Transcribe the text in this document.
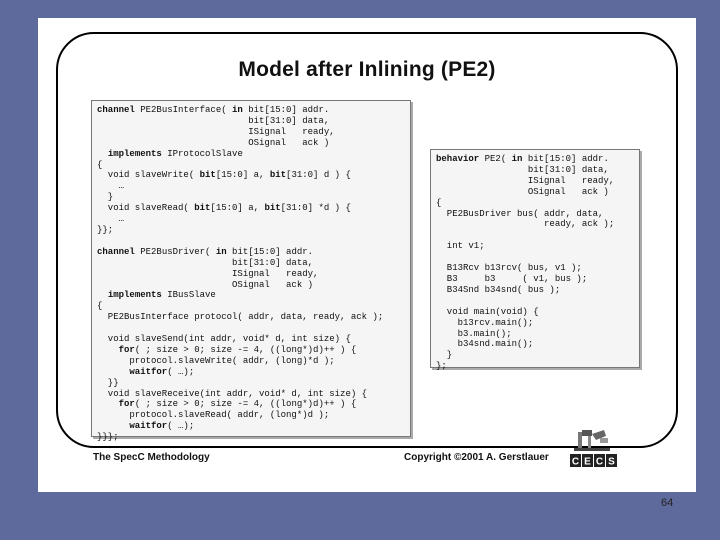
Model after Inlining (PE2)
channel PE2BusInterface( in bit[15:0] addr.
bit[31:0] data,
ISignal   ready,
OSignal   ack )
implements IProtocolSlave
{
void slaveWrite( bit[15:0] a, bit[31:0] d ) {
…
}
void slaveRead( bit[15:0] a, bit[31:0] *d ) {
…
}};

channel PE2BusDriver( in bit[15:0] addr.
bit[31:0] data,
ISignal   ready,
OSignal   ack )
implements IBusSlave
{
PE2BusInterface protocol( addr, data, ready, ack );

void slaveSend(int addr, void* d, int size) {
for( ; size > 0; size -= 4, ((long*)d)++ ) {
protocol.slaveWrite( addr, (long)*d );
waitfor( …);
}}
void slaveReceive(int addr, void* d, int size) {
for( ; size > 0; size -= 4, ((long*)d)++ ) {
protocol.slaveRead( addr, (long*)d );
waitfor( …);
}}};
behavior PE2( in bit[15:0] addr.
bit[31:0] data,
ISignal   ready,
OSignal   ack )
{
PE2BusDriver bus( addr, data,
ready, ack );

int v1;

B13Rcv b13rcv( bus, v1 );
B3     b3     ( v1, bus );
B34Snd b34snd( bus );

void main(void) {
b13rcv.main();
b3.main();
b34snd.main();
}
};
The SpecC Methodology	Copyright ©2001 A. Gerstlauer C E C S
64
